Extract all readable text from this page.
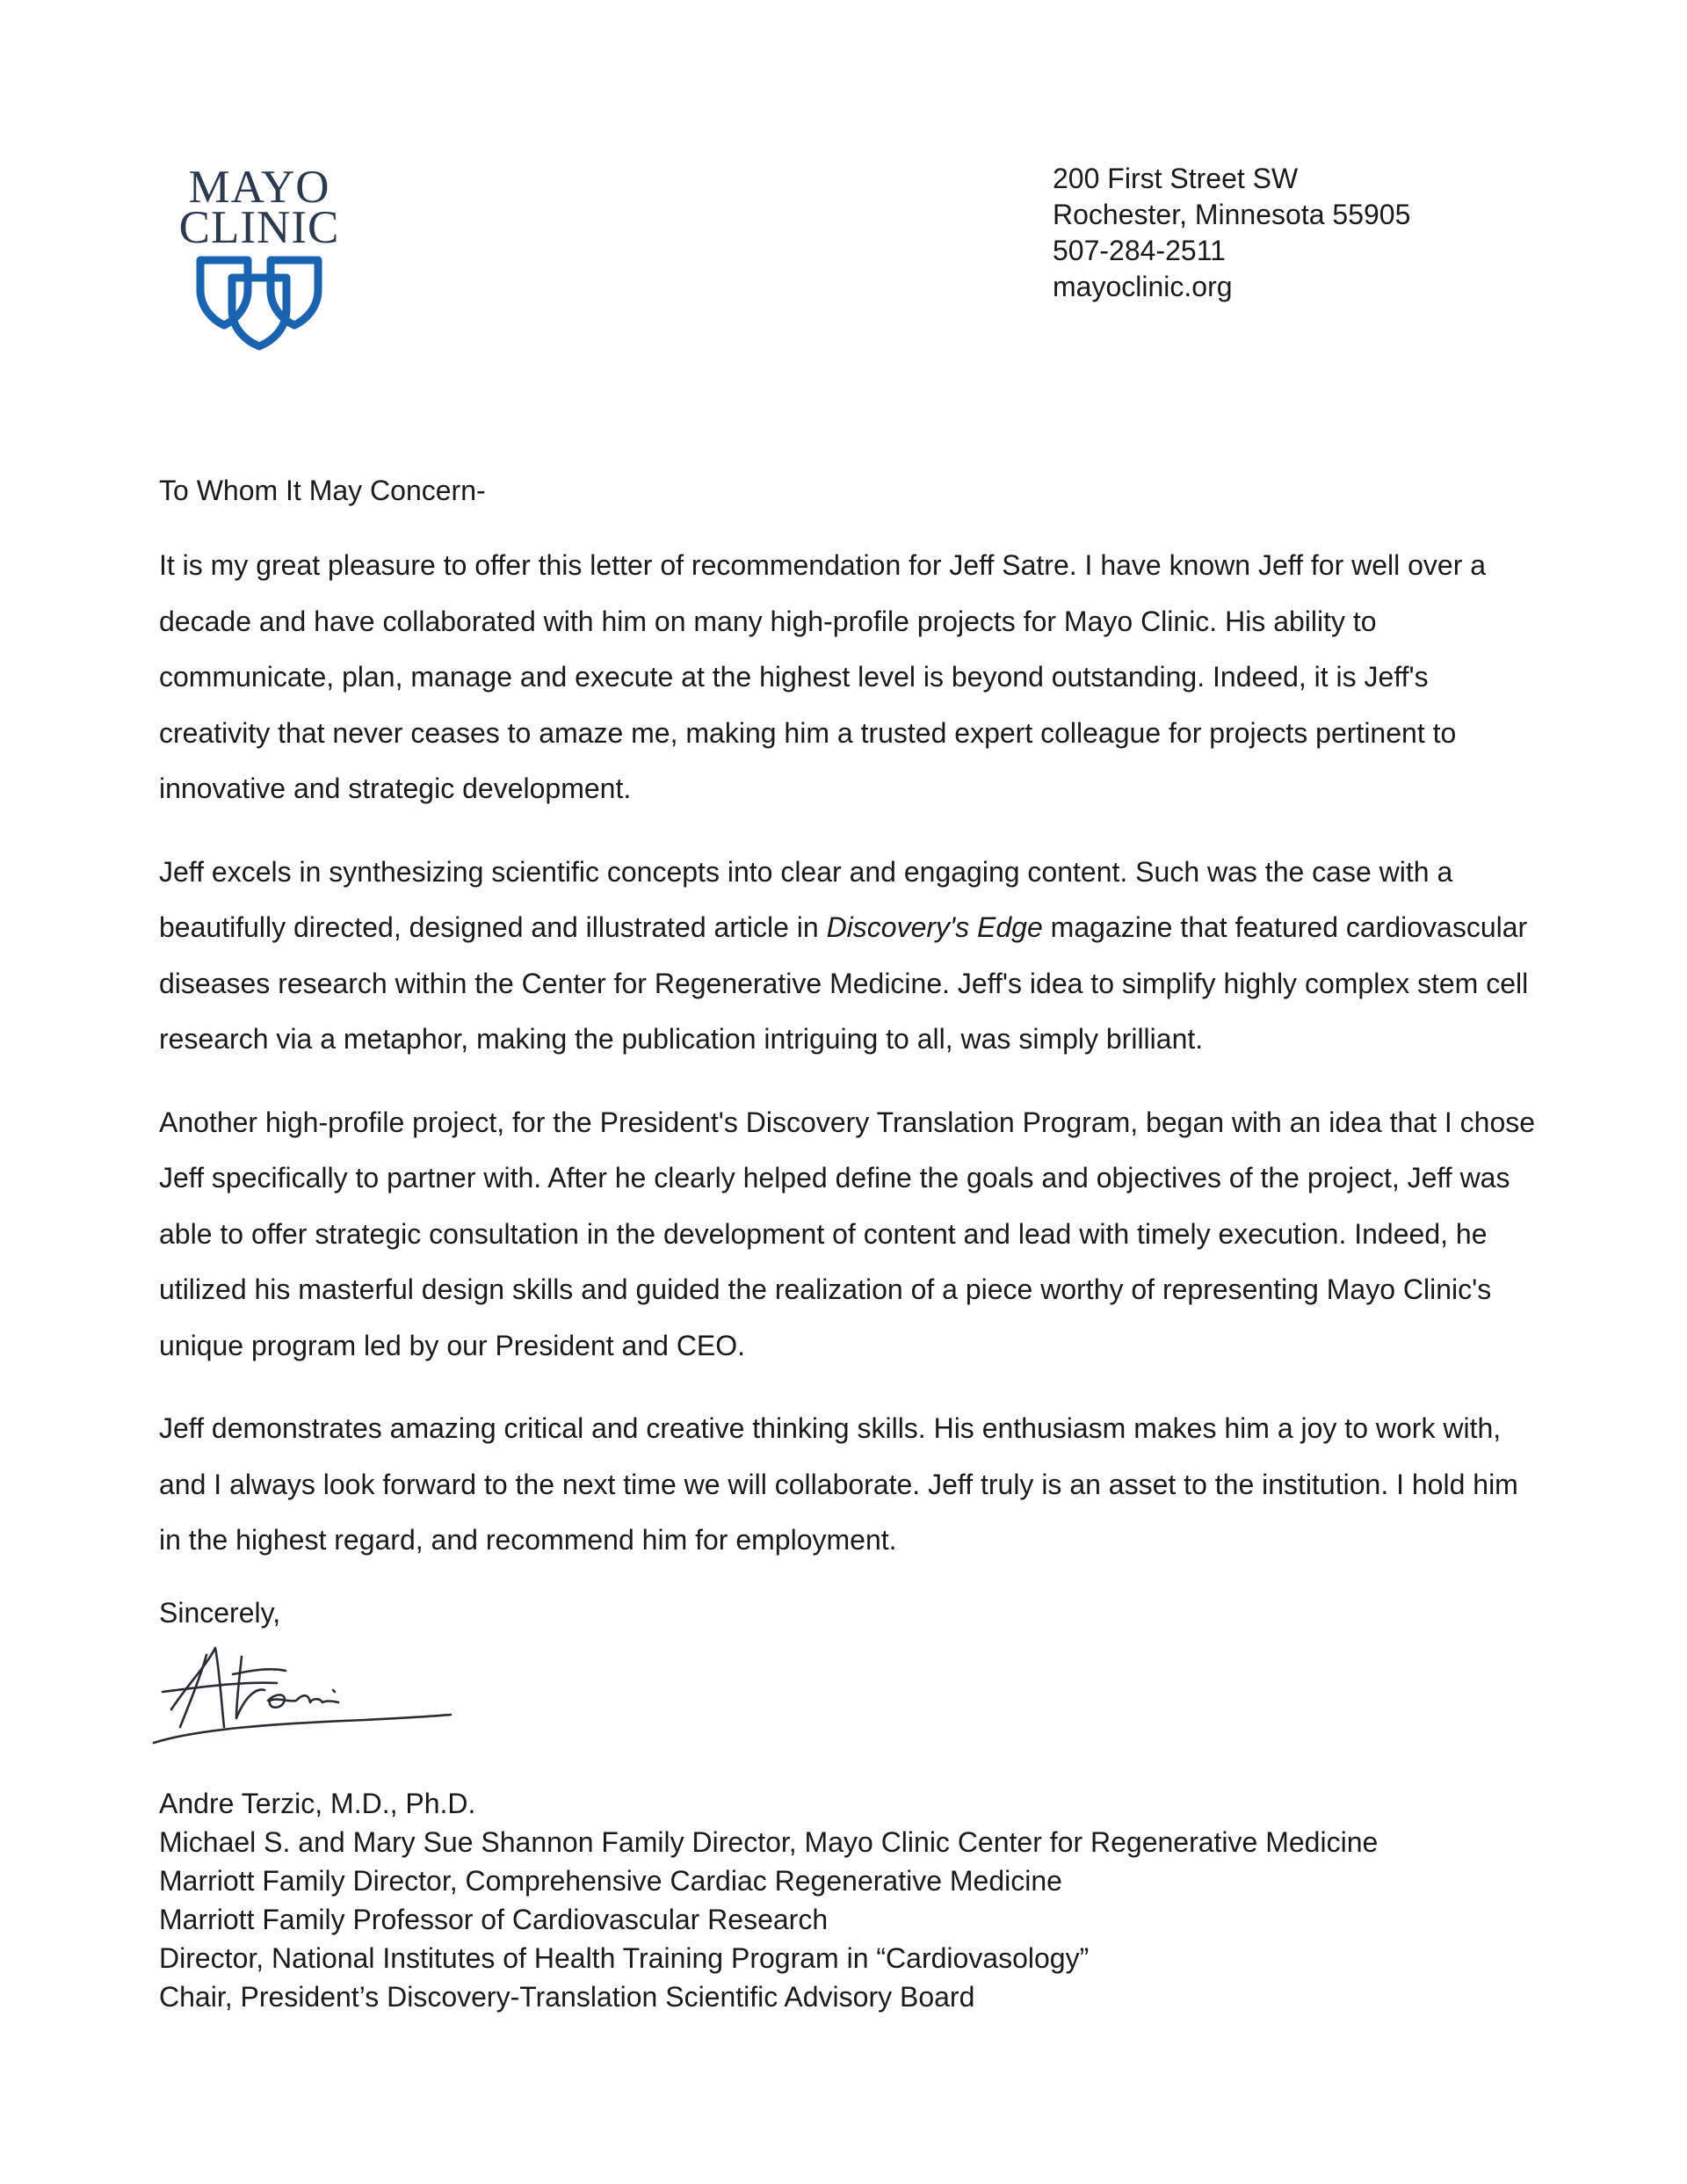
MAYO
CLINIC
200 First Street SW
Rochester, Minnesota 55905
507-284-2511
mayoclinic.org
To Whom It May Concern-

It is my great pleasure to offer this letter of recommendation for Jeff Satre. I have known Jeff for well over a decade and have collaborated with him on many high-profile projects for Mayo Clinic. His ability to communicate, plan, manage and execute at the highest level is beyond outstanding. Indeed, it is Jeff's creativity that never ceases to amaze me, making him a trusted expert colleague for projects pertinent to innovative and strategic development.

Jeff excels in synthesizing scientific concepts into clear and engaging content. Such was the case with a beautifully directed, designed and illustrated article in Discovery's Edge magazine that featured cardiovascular diseases research within the Center for Regenerative Medicine. Jeff's idea to simplify highly complex stem cell research via a metaphor, making the publication intriguing to all, was simply brilliant.

Another high-profile project, for the President's Discovery Translation Program, began with an idea that I chose Jeff specifically to partner with. After he clearly helped define the goals and objectives of the project, Jeff was able to offer strategic consultation in the development of content and lead with timely execution. Indeed, he utilized his masterful design skills and guided the realization of a piece worthy of representing Mayo Clinic's unique program led by our President and CEO.

Jeff demonstrates amazing critical and creative thinking skills. His enthusiasm makes him a joy to work with, and I always look forward to the next time we will collaborate. Jeff truly is an asset to the institution. I hold him in the highest regard, and recommend him for employment.

Sincerely,
Andre Terzic, M.D., Ph.D.
Michael S. and Mary Sue Shannon Family Director, Mayo Clinic Center for Regenerative Medicine
Marriott Family Director, Comprehensive Cardiac Regenerative Medicine
Marriott Family Professor of Cardiovascular Research
Director, National Institutes of Health Training Program in “Cardiovasology”
Chair, President’s Discovery-Translation Scientific Advisory Board
